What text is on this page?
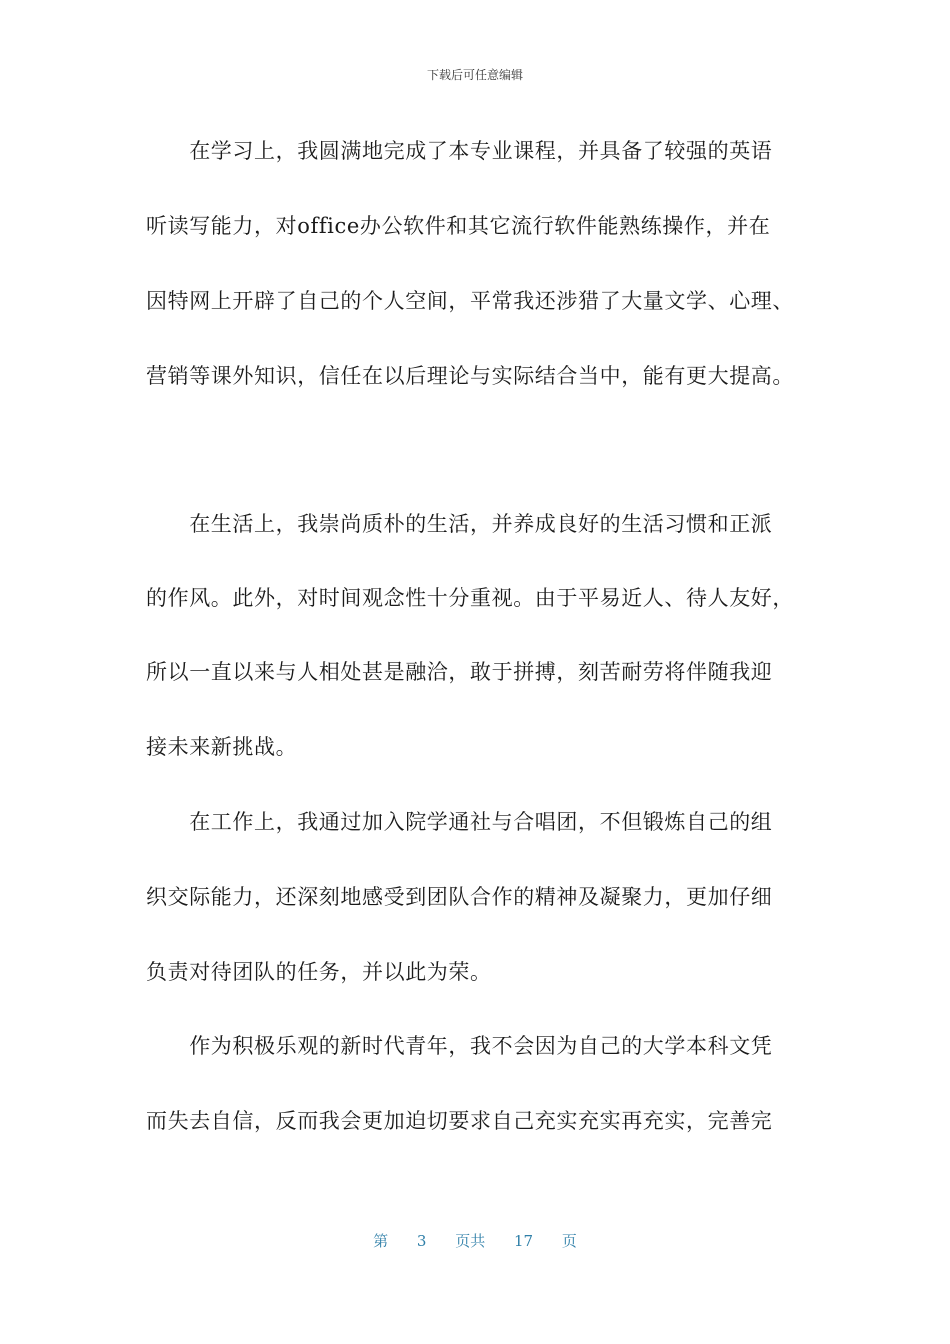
下载后可任意编辑
　　在学习上，我圆满地完成了本专业课程，并具备了较强的英语
听读写能力，对office办公软件和其它流行软件能熟练操作，并在
因特网上开辟了自己的个人空间，平常我还涉猎了大量文学、心理、
营销等课外知识，信任在以后理论与实际结合当中，能有更大提高。
　　在生活上，我崇尚质朴的生活，并养成良好的生活习惯和正派
的作风。此外，对时间观念性十分重视。由于平易近人、待人友好，
所以一直以来与人相处甚是融洽，敢于拼搏，刻苦耐劳将伴随我迎
接未来新挑战。
　　在工作上，我通过加入院学通社与合唱团，不但锻炼自己的组
织交际能力，还深刻地感受到团队合作的精神及凝聚力，更加仔细
负责对待团队的任务，并以此为荣。
　　作为积极乐观的新时代青年，我不会因为自己的大学本科文凭
而失去自信，反而我会更加迫切要求自己充实充实再充实，完善完
第 3 页共 17 页
